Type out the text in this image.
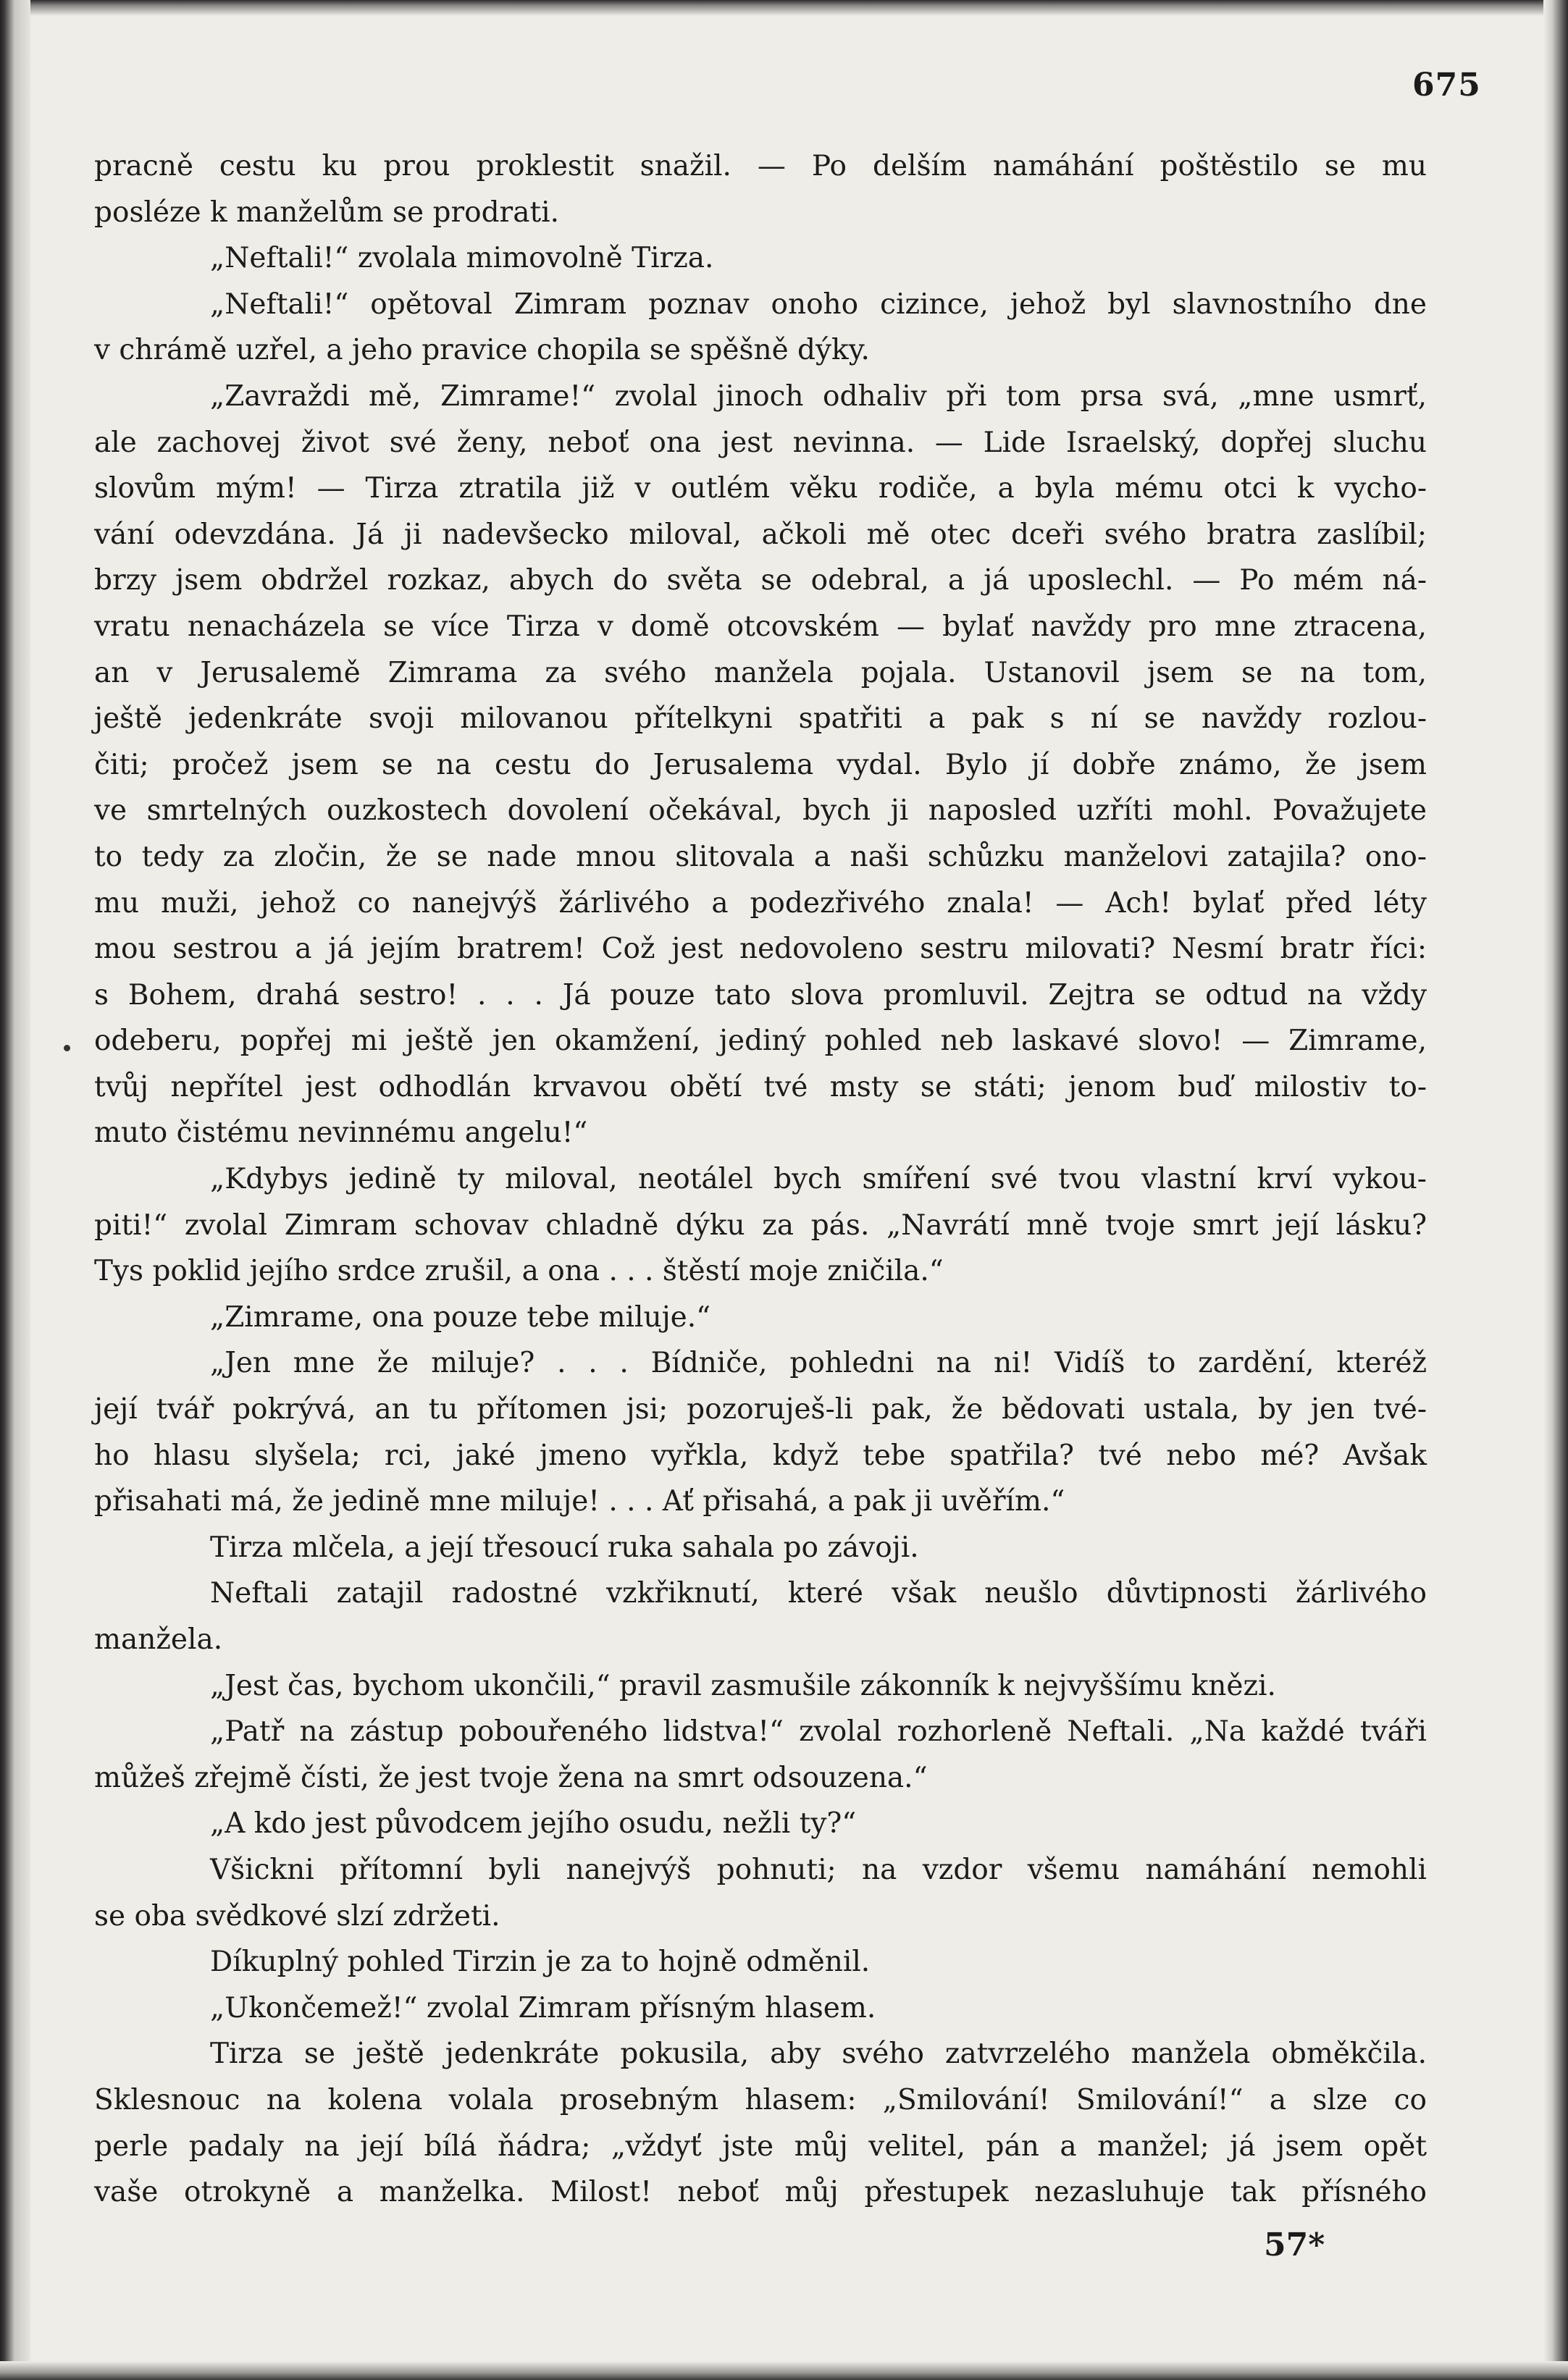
675
pracně cestu ku prou proklestit snažil. — Po delším namáhání poštěstilo se mu
posléze k manželům se prodrati.
„Neftali!“ zvolala mimovolně Tirza.
„Neftali!“ opětoval Zimram poznav onoho cizince, jehož byl slavnostního dne
v chrámě uzřel, a jeho pravice chopila se spěšně dýky.
„Zavraždi mě, Zimrame!“ zvolal jinoch odhaliv při tom prsa svá, „mne usmrť,
ale zachovej život své ženy, neboť ona jest nevinna. — Lide Israelský, dopřej sluchu
slovům mým! — Tirza ztratila již v outlém věku rodiče, a byla mému otci k vycho-
vání odevzdána. Já ji nadevšecko miloval, ačkoli mě otec dceři svého bratra zaslíbil;
brzy jsem obdržel rozkaz, abych do světa se odebral, a já uposlechl. — Po mém ná-
vratu nenacházela se více Tirza v domě otcovském — bylať navždy pro mne ztracena,
an v Jerusalemě Zimrama za svého manžela pojala. Ustanovil jsem se na tom,
ještě jedenkráte svoji milovanou přítelkyni spatřiti a pak s ní se navždy rozlou-
čiti; pročež jsem se na cestu do Jerusalema vydal. Bylo jí dobře známo, že jsem
ve smrtelných ouzkostech dovolení očekával, bych ji naposled uzříti mohl. Považujete
to tedy za zločin, že se nade mnou slitovala a naši schůzku manželovi zatajila? ono-
mu muži, jehož co nanejvýš žárlivého a podezřivého znala! — Ach! bylať před léty
mou sestrou a já jejím bratrem! Což jest nedovoleno sestru milovati? Nesmí bratr říci:
s Bohem, drahá sestro! . . . Já pouze tato slova promluvil. Zejtra se odtud na vždy
odeberu, popřej mi ještě jen okamžení, jediný pohled neb laskavé slovo! — Zimrame,
tvůj nepřítel jest odhodlán krvavou obětí tvé msty se státi; jenom buď milostiv to-
muto čistému nevinnému angelu!“
„Kdybys jedině ty miloval, neotálel bych smíření své tvou vlastní krví vykou-
piti!“ zvolal Zimram schovav chladně dýku za pás. „Navrátí mně tvoje smrt její lásku?
Tys poklid jejího srdce zrušil, a ona . . . štěstí moje zničila.“
„Zimrame, ona pouze tebe miluje.“
„Jen mne že miluje? . . . Bídniče, pohledni na ni! Vidíš to zardění, kteréž
její tvář pokrývá, an tu přítomen jsi; pozoruješ-li pak, že bědovati ustala, by jen tvé-
ho hlasu slyšela; rci, jaké jmeno vyřkla, když tebe spatřila? tvé nebo mé? Avšak
přisahati má, že jedině mne miluje! . . . Ať přisahá, a pak ji uvěřím.“
Tirza mlčela, a její třesoucí ruka sahala po závoji.
Neftali zatajil radostné vzkřiknutí, které však neušlo důvtipnosti žárlivého
manžela.
„Jest čas, bychom ukončili,“ pravil zasmušile zákonník k nejvyššímu knězi.
„Patř na zástup pobouřeného lidstva!“ zvolal rozhorleně Neftali. „Na každé tváři
můžeš zřejmě čísti, že jest tvoje žena na smrt odsouzena.“
„A kdo jest původcem jejího osudu, nežli ty?“
Všickni přítomní byli nanejvýš pohnuti; na vzdor všemu namáhání nemohli
se oba svědkové slzí zdržeti.
Díkuplný pohled Tirzin je za to hojně odměnil.
„Ukončemež!“ zvolal Zimram přísným hlasem.
Tirza se ještě jedenkráte pokusila, aby svého zatvrzelého manžela obměkčila.
Sklesnouc na kolena volala prosebným hlasem: „Smilování! Smilování!“ a slze co
perle padaly na její bílá ňádra; „vždyť jste můj velitel, pán a manžel; já jsem opět
vaše otrokyně a manželka. Milost! neboť můj přestupek nezasluhuje tak přísného
57*
